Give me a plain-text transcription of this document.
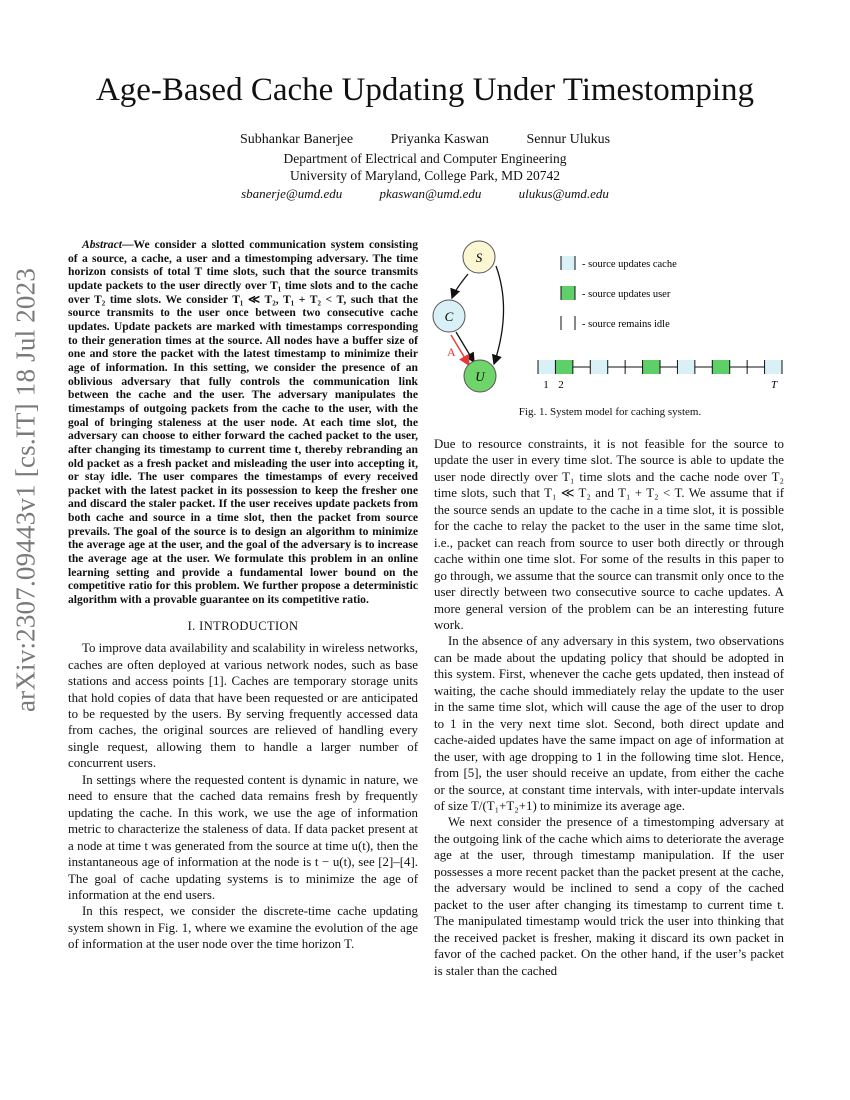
arXiv:2307.09443v1 [cs.IT] 18 Jul 2023
Age-Based Cache Updating Under Timestomping
Subhankar Banerjee	Priyanka Kaswan	Sennur Ulukus
Department of Electrical and Computer Engineering
University of Maryland, College Park, MD 20742
sbanerje@umd.edu	pkaswan@umd.edu	ulukus@umd.edu

Abstract—We consider a slotted communication system consisting of a source, a cache, a user and a timestomping adversary. The time horizon consists of total T time slots, such that the source transmits update packets to the user directly over T₁ time slots and to the cache over T₂ time slots. We consider T₁ ≪ T₂, T₁ + T₂ < T, such that the source transmits to the user once between two consecutive cache updates. Update packets are marked with timestamps corresponding to their generation times at the source. All nodes have a buffer size of one and store the packet with the latest timestamp to minimize their age of information. In this setting, we consider the presence of an oblivious adversary that fully controls the communication link between the cache and the user. The adversary manipulates the timestamps of outgoing packets from the cache to the user, with the goal of bringing staleness at the user node. At each time slot, the adversary can choose to either forward the cached packet to the user, after changing its timestamp to current time t, thereby rebranding an old packet as a fresh packet and misleading the user into accepting it, or stay idle. The user compares the timestamps of every received packet with the latest packet in its possession to keep the fresher one and discard the staler packet. If the user receives update packets from both cache and source in a time slot, then the packet from source prevails. The goal of the source is to design an algorithm to minimize the average age at the user, and the goal of the adversary is to increase the average age at the user. We formulate this problem in an online learning setting and provide a fundamental lower bound on the competitive ratio for this problem. We further propose a deterministic algorithm with a provable guarantee on its competitive ratio.

I. INTRODUCTION

To improve data availability and scalability in wireless networks, caches are often deployed at various network nodes, such as base stations and access points [1]. Caches are temporary storage units that hold copies of data that have been requested or are anticipated to be requested by the users. By serving frequently accessed data from caches, the original sources are relieved of handling every single request, allowing them to handle a larger number of concurrent users.

In settings where the requested content is dynamic in nature, we need to ensure that the cached data remains fresh by frequently updating the cache. In this work, we use the age of information metric to characterize the staleness of data. If data packet present at a node at time t was generated from the source at time u(t), then the instantaneous age of information at the node is t − u(t), see [2]–[4]. The goal of cache updating systems is to minimize the age of information at the end users.

In this respect, we consider the discrete-time cache updating system shown in Fig. 1, where we examine the evolution of the age of information at the user node over the time horizon T.

A
S
C
U
- source updates cache
- source updates user
- source remains idle
1 2	T
Fig. 1. System model for caching system.

Due to resource constraints, it is not feasible for the source to update the user in every time slot. The source is able to update the user node directly over T₁ time slots and the cache node over T₂ time slots, such that T₁ ≪ T₂ and T₁ + T₂ < T. We assume that if the source sends an update to the cache in a time slot, it is possible for the cache to relay the packet to the user in the same time slot, i.e., packet can reach from source to user both directly or through cache within one time slot. For some of the results in this paper to go through, we assume that the source can transmit only once to the user directly between two consecutive source to cache updates. A more general version of the problem can be an interesting future work.

In the absence of any adversary in this system, two observations can be made about the updating policy that should be adopted in this system. First, whenever the cache gets updated, then instead of waiting, the cache should immediately relay the update to the user in the same time slot, which will cause the age of the user to drop to 1 in the very next time slot. Second, both direct update and cache-aided updates have the same impact on age of information at the user, with age dropping to 1 in the following time slot. Hence, from [5], the user should receive an update, from either the cache or the source, at constant time intervals, with inter-update intervals of size T/(T₁+T₂+1) to minimize its average age.

We next consider the presence of a timestomping adversary at the outgoing link of the cache which aims to deteriorate the average age at the user, through timestamp manipulation. If the user possesses a more recent packet than the packet present at the cache, the adversary would be inclined to send a copy of the cached packet to the user after changing its timestamp to current time t. The manipulated timestamp would trick the user into thinking that the received packet is fresher, making it discard its own packet in favor of the cached packet. On the other hand, if the user’s packet is staler than the cached
